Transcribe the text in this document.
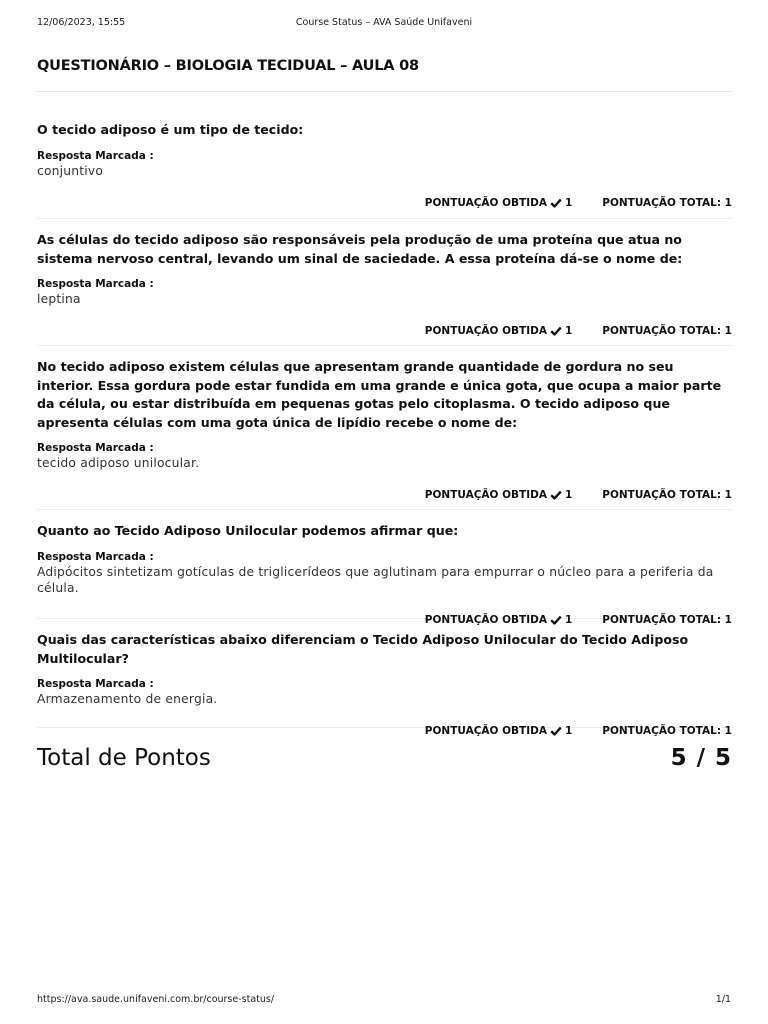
12/06/2023, 15:55	Course Status – AVA Saúde Unifaveni
QUESTIONÁRIO – BIOLOGIA TECIDUAL – AULA 08

O tecido adiposo é um tipo de tecido:

Resposta Marcada :
conjuntivo
PONTUAÇÃO OBTIDA 1	PONTUAÇÃO TOTAL: 1

As células do tecido adiposo são responsáveis pela produção de uma proteína que atua no sistema nervoso central, levando um sinal de saciedade. A essa proteína dá-se o nome de:

Resposta Marcada :
leptina
PONTUAÇÃO OBTIDA 1	PONTUAÇÃO TOTAL: 1

No tecido adiposo existem células que apresentam grande quantidade de gordura no seu interior. Essa gordura pode estar fundida em uma grande e única gota, que ocupa a maior parte da célula, ou estar distribuída em pequenas gotas pelo citoplasma. O tecido adiposo que apresenta células com uma gota única de lipídio recebe o nome de:

Resposta Marcada :
tecido adiposo unilocular.
PONTUAÇÃO OBTIDA 1	PONTUAÇÃO TOTAL: 1

Quanto ao Tecido Adiposo Unilocular podemos afirmar que:

Resposta Marcada :
Adipócitos sintetizam gotículas de triglicerídeos que aglutinam para empurrar o núcleo para a periferia da célula.
PONTUAÇÃO OBTIDA 1	PONTUAÇÃO TOTAL: 1

Quais das características abaixo diferenciam o Tecido Adiposo Unilocular do Tecido Adiposo Multilocular?

Resposta Marcada :
Armazenamento de energia.
PONTUAÇÃO OBTIDA 1	PONTUAÇÃO TOTAL: 1
Total de Pontos	5 / 5
https://ava.saude.unifaveni.com.br/course-status/	1/1
